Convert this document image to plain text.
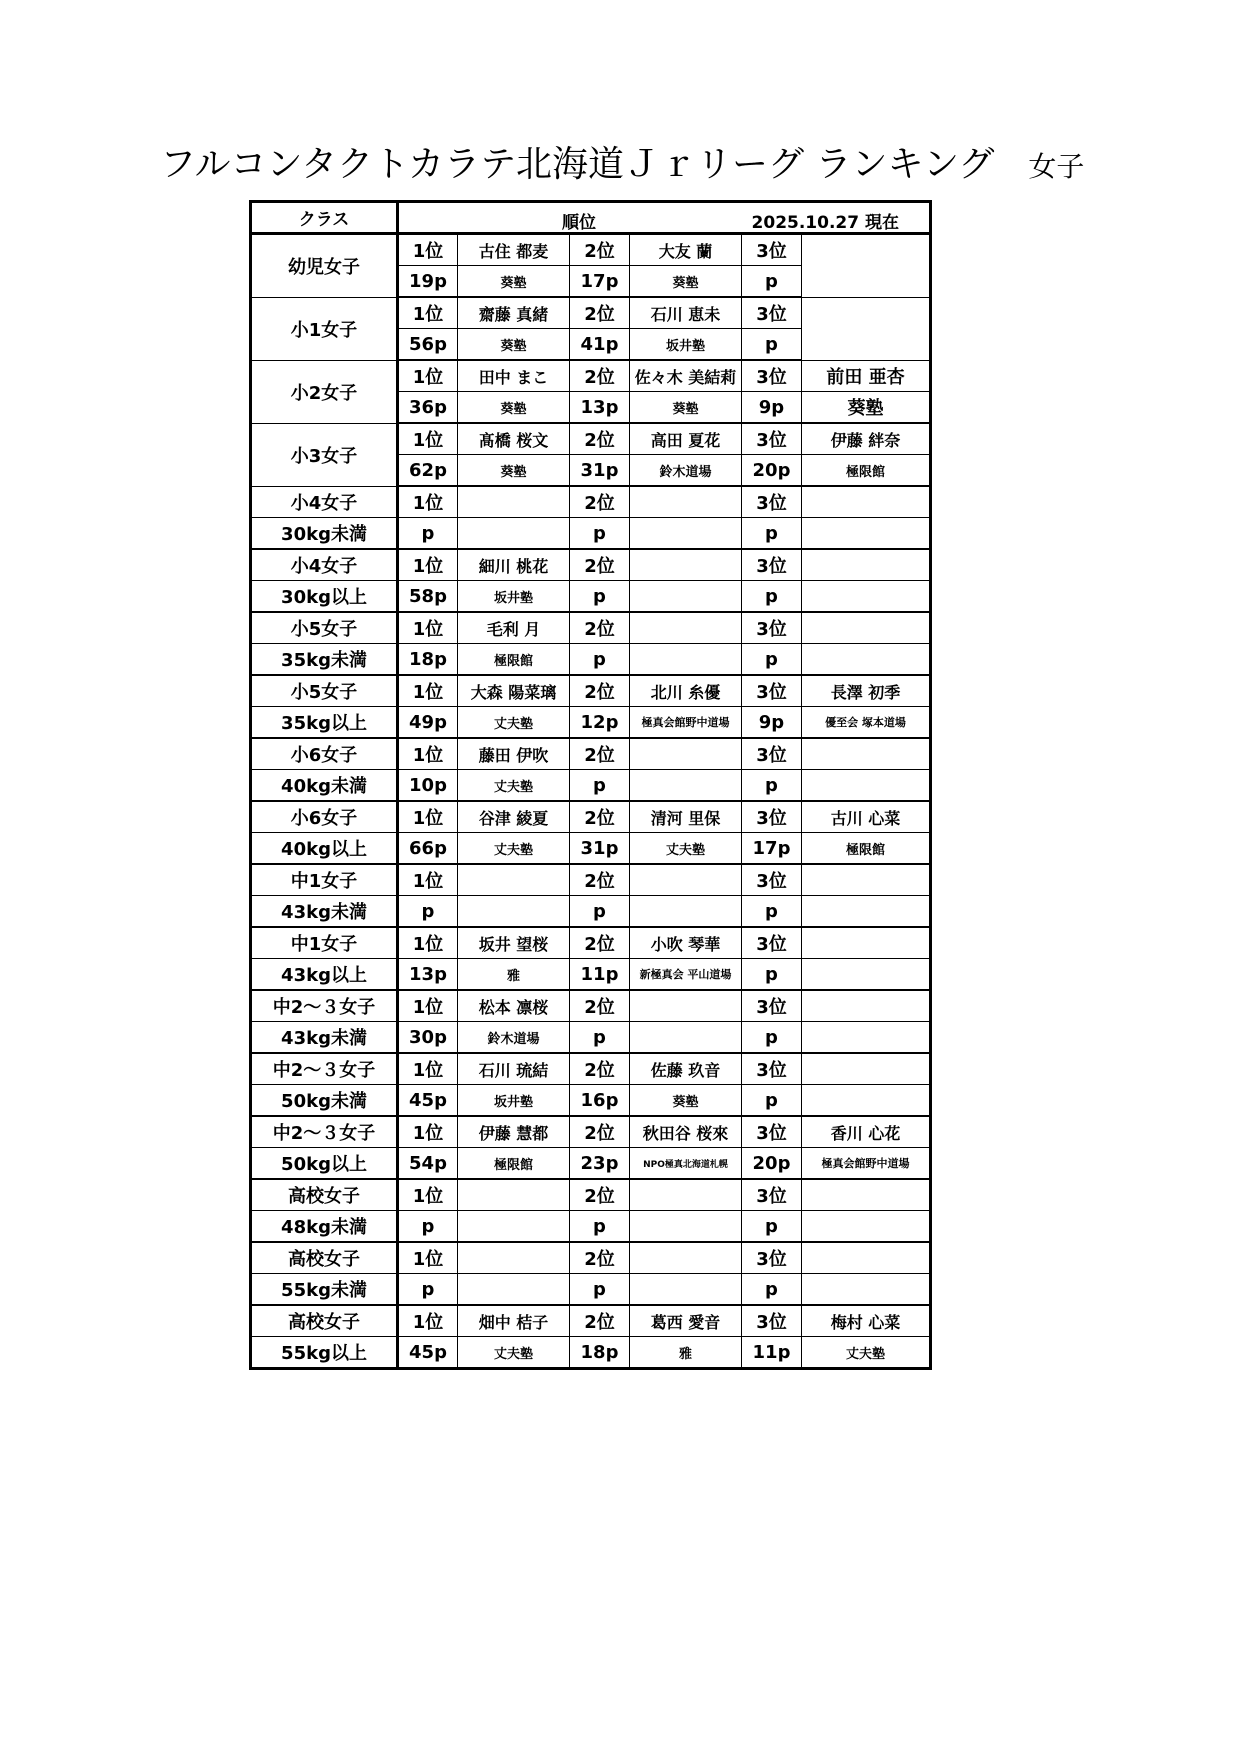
フルコンタクトカラテ北海道Ｊｒリーグ ランキング 女子
クラス	順位 2025.10.27 現在					

幼児女子	1位	古住 都麦	2位	大友 蘭	3位	
	19p	葵塾	17p	葵塾	p	
小1女子	1位	齋藤 真緒	2位	石川 恵未	3位	
	56p	葵塾	41p	坂井塾	p	
小2女子	1位	田中 まこ	2位	佐々木 美結莉	3位	前田 亜杏
	36p	葵塾	13p	葵塾	9p	葵塾
小3女子	1位	髙橋 桜文	2位	高田 夏花	3位	伊藤 絆奈
	62p	葵塾	31p	鈴木道場	20p	極限館
小4女子	1位		2位		3位	
30kg未満	p		p		p	
小4女子	1位	細川 桃花	2位		3位	
30kg以上	58p	坂井塾	p		p	
小5女子	1位	毛利 月	2位		3位	
35kg未満	18p	極限館	p		p	
小5女子	1位	大森 陽菜璃	2位	北川 糸優	3位	長澤 初季
35kg以上	49p	丈夫塾	12p	極真会館野中道場	9p	優至会 塚本道場
小6女子	1位	藤田 伊吹	2位		3位	
40kg未満	10p	丈夫塾	p		p	
小6女子	1位	谷津 綾夏	2位	清河 里保	3位	古川 心菜
40kg以上	66p	丈夫塾	31p	丈夫塾	17p	極限館
中1女子	1位		2位		3位	
43kg未満	p		p		p	
中1女子	1位	坂井 望桜	2位	小吹 琴華	3位	
43kg以上	13p	雅	11p	新極真会 平山道場	p	
中2～３女子	1位	松本 凛桜	2位		3位	
43kg未満	30p	鈴木道場	p		p	
中2～３女子	1位	石川 琉結	2位	佐藤 玖音	3位	
50kg未満	45p	坂井塾	16p	葵塾	p	
中2～３女子	1位	伊藤 慧都	2位	秋田谷 桜來	3位	香川 心花
50kg以上	54p	極限館	23p	NPO極真北海道札幌	20p	極真会館野中道場
高校女子	1位		2位		3位	
48kg未満	p		p		p	
高校女子	1位		2位		3位	
55kg未満	p		p		p	
高校女子	1位	畑中 桔子	2位	葛西 愛音	3位	梅村 心菜
55kg以上	45p	丈夫塾	18p	雅	11p	丈夫塾
